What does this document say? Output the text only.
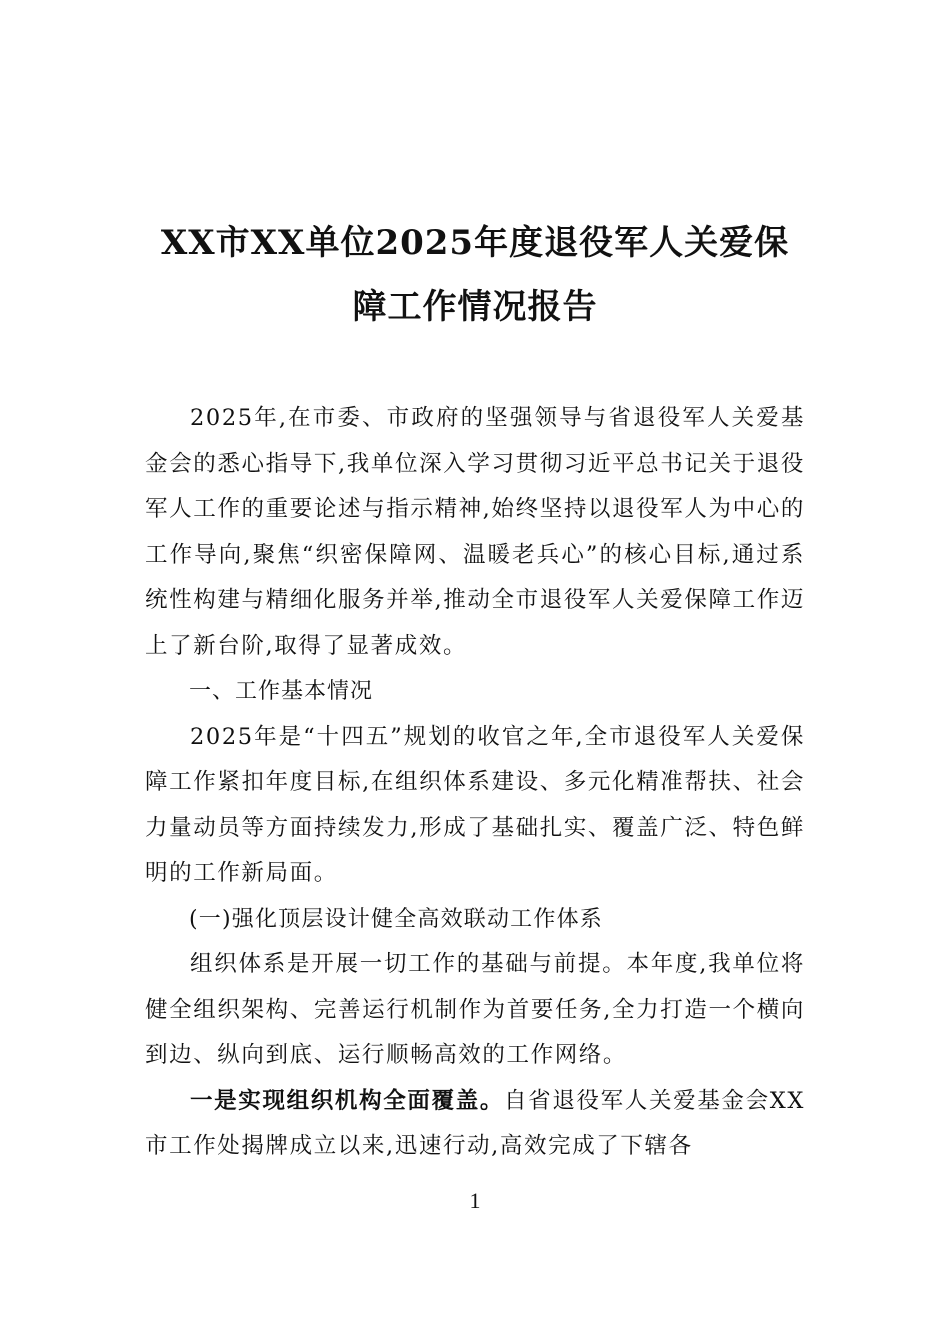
XX市XX单位2025年度退役军人关爱保
障工作情况报告

2025年,在市委、市政府的坚强领导与省退役军人关爱基金会的悉心指导下,我单位深入学习贯彻习近平总书记关于退役军人工作的重要论述与指示精神,始终坚持以退役军人为中心的工作导向,聚焦“织密保障网、温暖老兵心”的核心目标,通过系统性构建与精细化服务并举,推动全市退役军人关爱保障工作迈上了新台阶,取得了显著成效。

一、工作基本情况

2025年是“十四五”规划的收官之年,全市退役军人关爱保障工作紧扣年度目标,在组织体系建设、多元化精准帮扶、社会力量动员等方面持续发力,形成了基础扎实、覆盖广泛、特色鲜明的工作新局面。

(一)强化顶层设计健全高效联动工作体系

组织体系是开展一切工作的基础与前提。本年度,我单位将健全组织架构、完善运行机制作为首要任务,全力打造一个横向到边、纵向到底、运行顺畅高效的工作网络。

一是实现组织机构全面覆盖。自省退役军人关爱基金会XX市工作处揭牌成立以来,迅速行动,高效完成了下辖各

1
